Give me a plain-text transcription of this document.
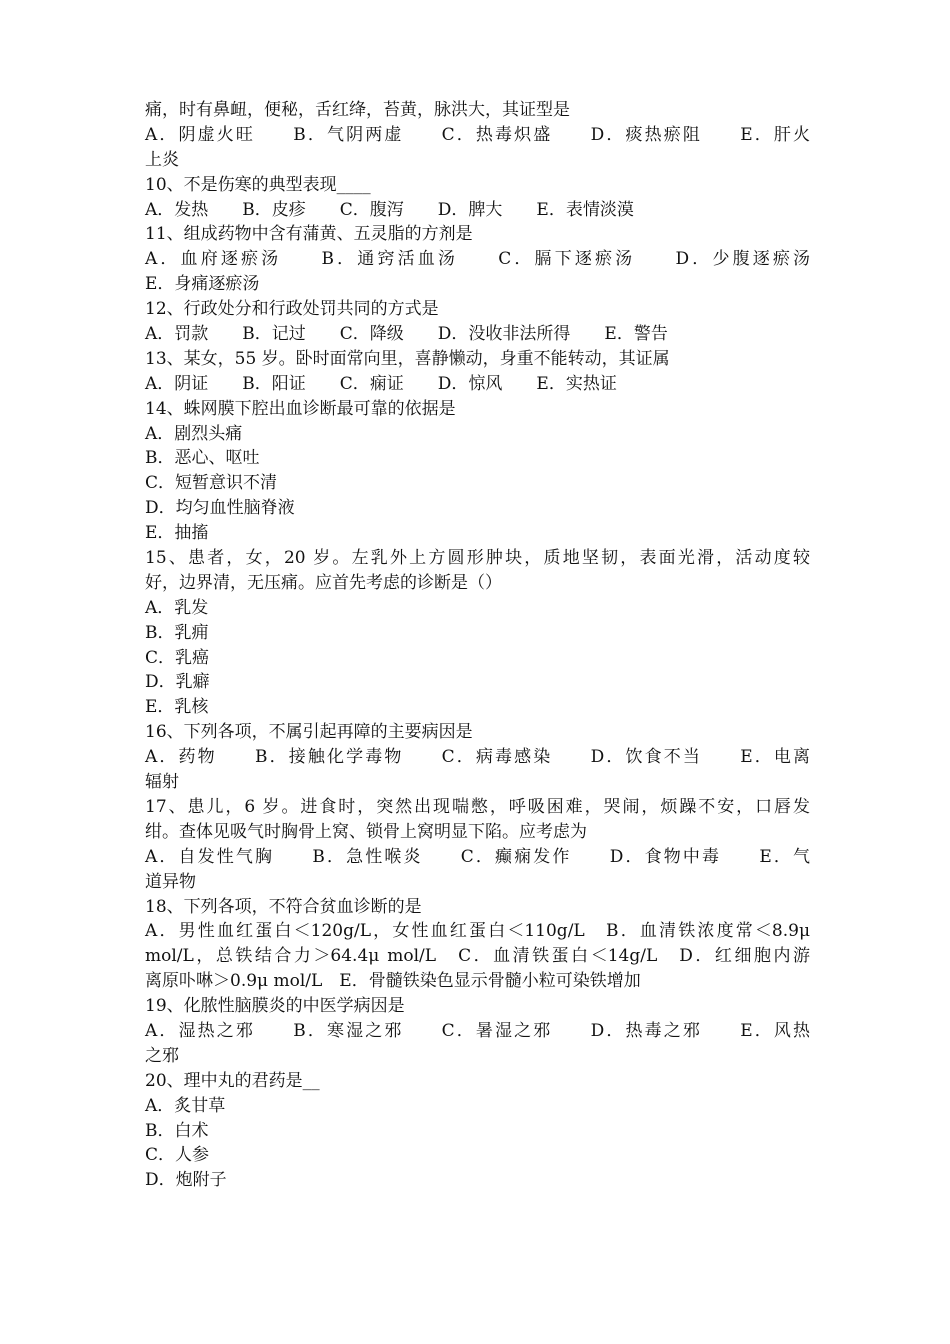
痛，时有鼻衄，便秘，舌红绛，苔黄，脉洪大，其证型是
A．阴虚火旺　　B．气阴两虚　　C．热毒炽盛　　D．痰热瘀阻　　E．肝火
上炎
10、不是伤寒的典型表现____
A．发热　　B．皮疹　　C．腹泻　　D．脾大　　E．表情淡漠
11、组成药物中含有蒲黄、五灵脂的方剂是
A．血府逐瘀汤　　B．通窍活血汤　　C．膈下逐瘀汤　　D．少腹逐瘀汤
E．身痛逐瘀汤
12、行政处分和行政处罚共同的方式是
A．罚款　　B．记过　　C．降级　　D．没收非法所得　　E．警告
13、某女，55 岁。卧时面常向里，喜静懒动，身重不能转动，其证属
A．阴证　　B．阳证　　C．痫证　　D．惊风　　E．实热证
14、蛛网膜下腔出血诊断最可靠的依据是
A．剧烈头痛
B．恶心、呕吐
C．短暂意识不清
D．均匀血性脑脊液
E．抽搐
15、患者，女，20 岁。左乳外上方圆形肿块，质地坚韧，表面光滑，活动度较
好，边界清，无压痛。应首先考虑的诊断是（）
A．乳发
B．乳痈
C．乳癌
D．乳癖
E．乳核
16、下列各项，不属引起再障的主要病因是
A．药物　　B．接触化学毒物　　C．病毒感染　　D．饮食不当　　E．电离
辐射
17、患儿，6 岁。进食时，突然出现喘憋，呼吸困难，哭闹，烦躁不安，口唇发
绀。查体见吸气时胸骨上窝、锁骨上窝明显下陷。应考虑为
A．自发性气胸　　B．急性喉炎　　C．癫痫发作　　D．食物中毒　　E．气
道异物
18、下列各项，不符合贫血诊断的是
A．男性血红蛋白＜120g/L，女性血红蛋白＜110g/L　B．血清铁浓度常＜8.9μ
mol/L，总铁结合力＞64.4μ mol/L　C．血清铁蛋白＜14g/L　D．红细胞内游
离原卟啉＞0.9μ mol/L　E．骨髓铁染色显示骨髓小粒可染铁增加
19、化脓性脑膜炎的中医学病因是
A．湿热之邪　　B．寒湿之邪　　C．暑湿之邪　　D．热毒之邪　　E．风热
之邪
20、理中丸的君药是__
A．炙甘草
B．白术
C．人参
D．炮附子
